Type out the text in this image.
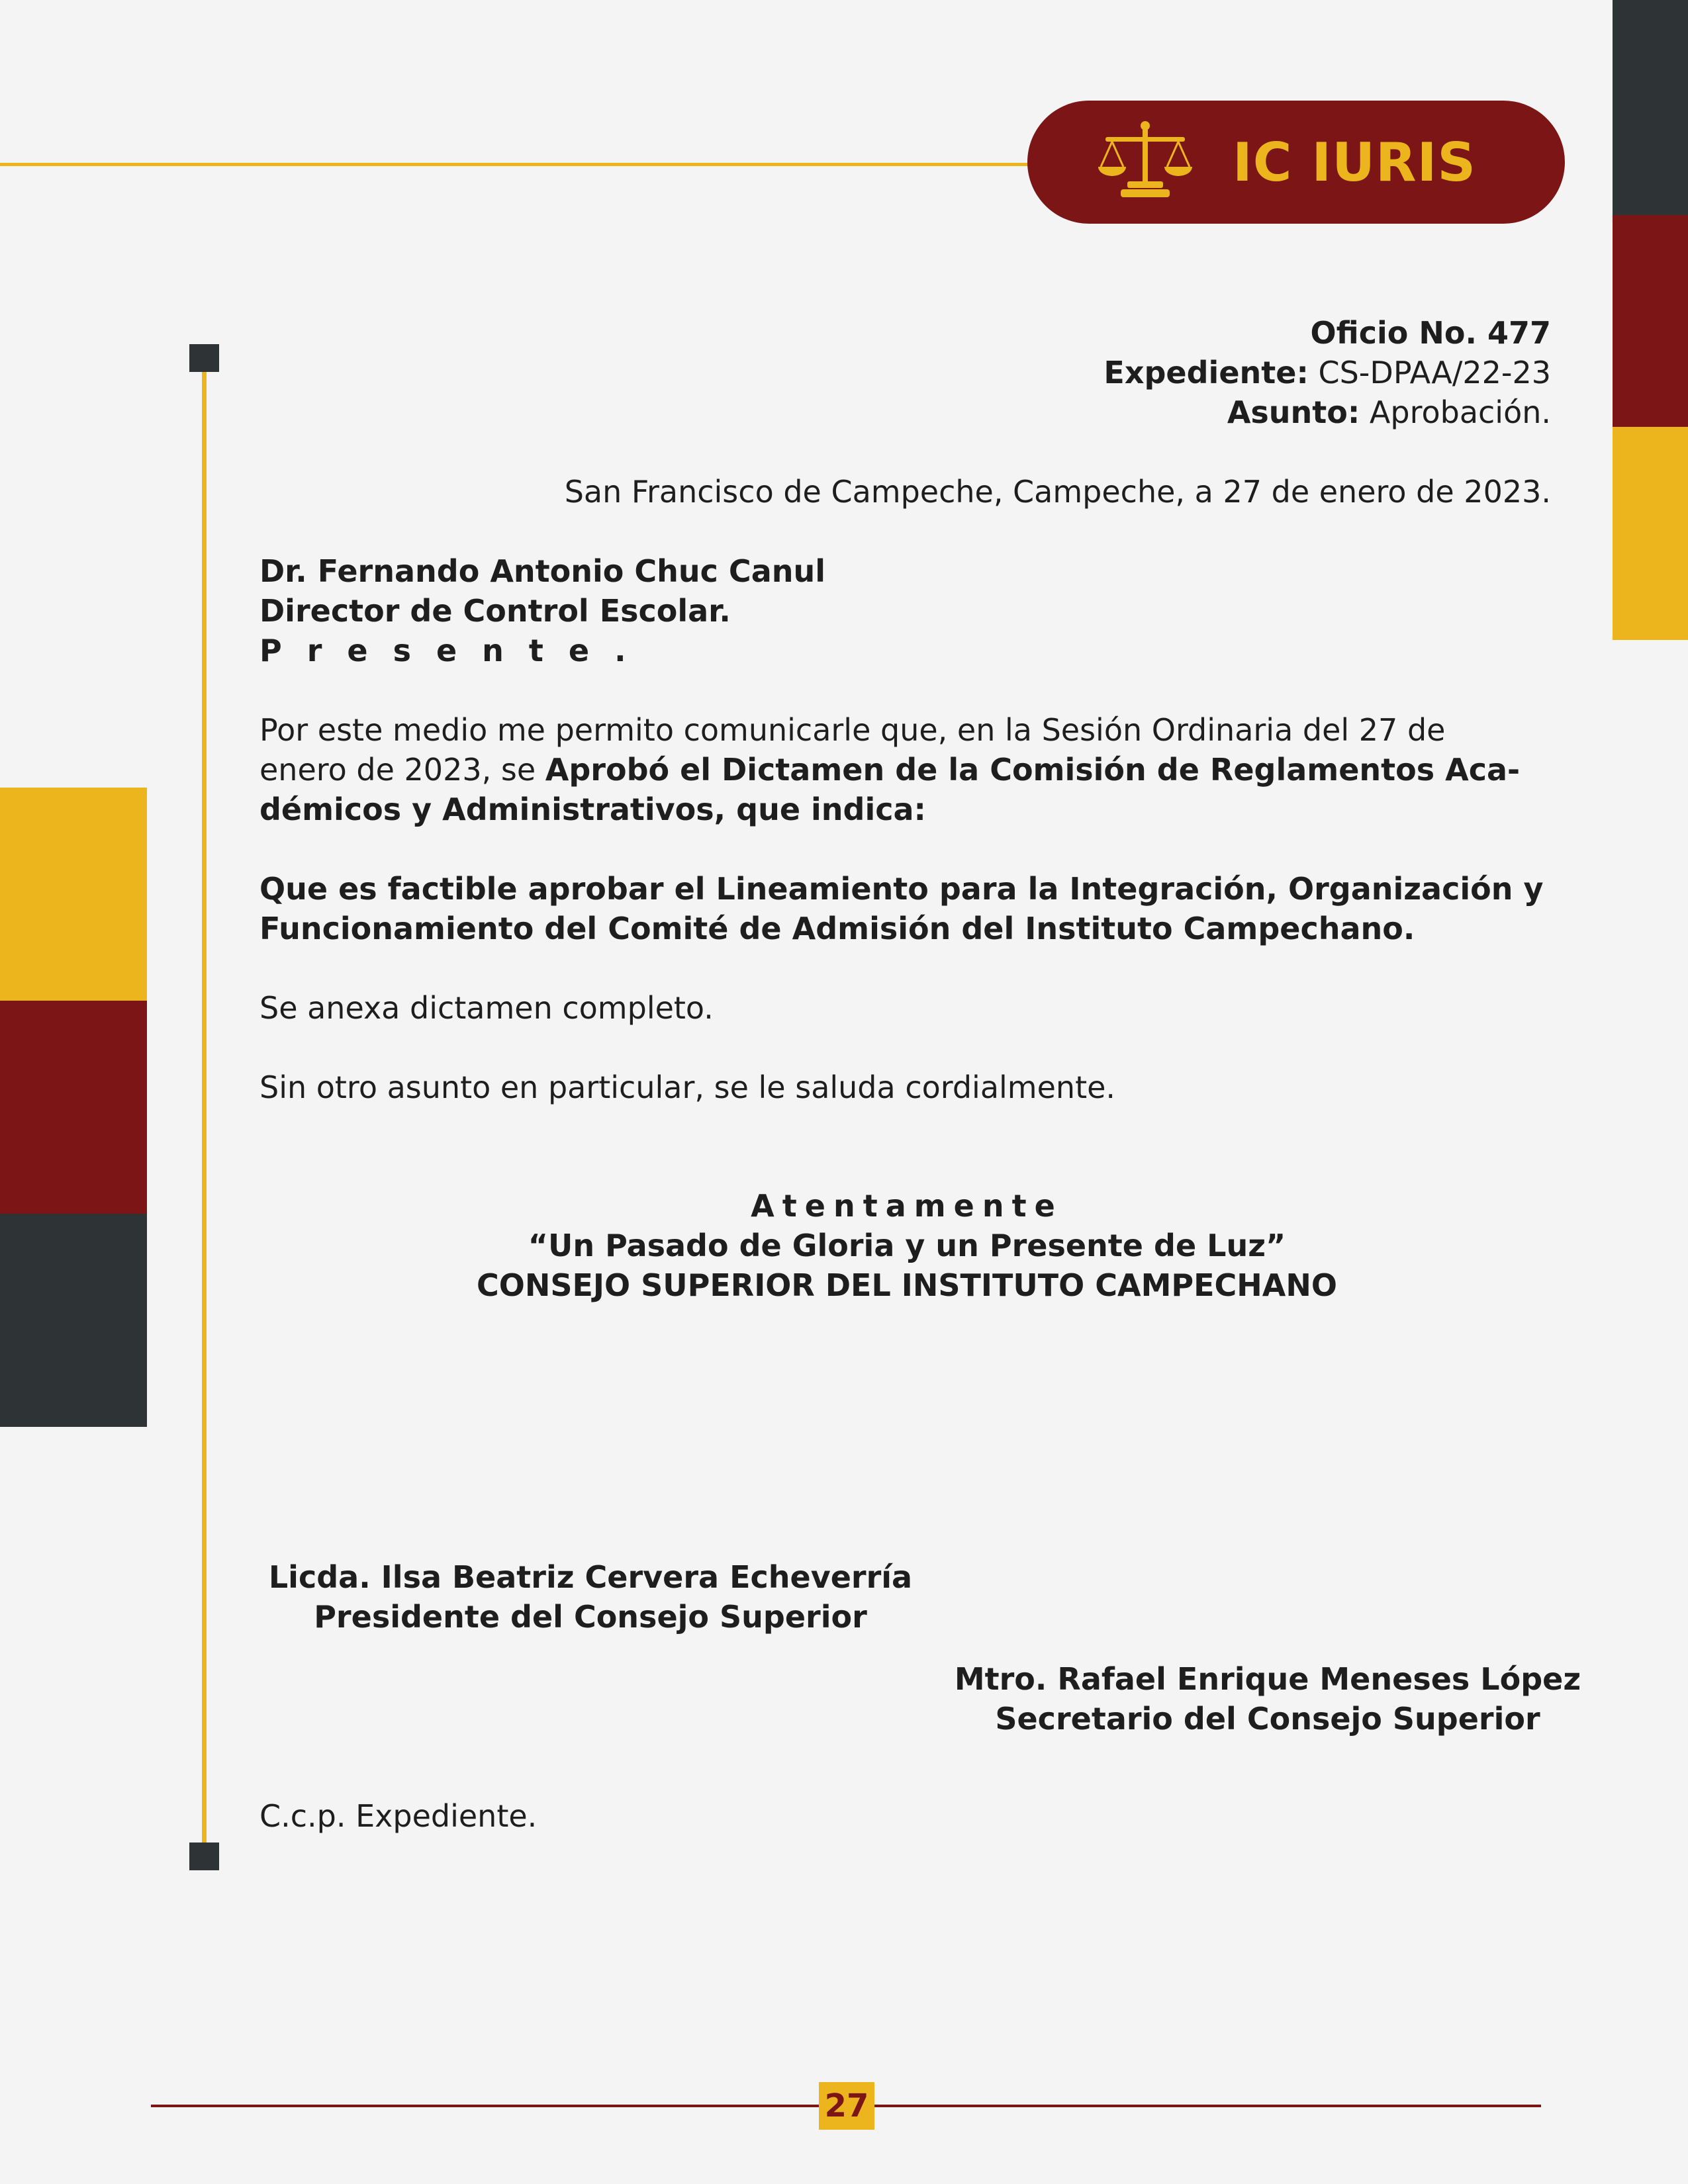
IC IURIS
Oficio No. 477
Expediente: CS-DPAA/22-23
Asunto: Aprobación.
San Francisco de Campeche, Campeche, a 27 de enero de 2023.
Dr. Fernando Antonio Chuc Canul
Director de Control Escolar.
Presente.
Por este medio me permito comunicarle que, en la Sesión Ordinaria del 27 de
enero de 2023, se Aprobó el Dictamen de la Comisión de Reglamentos Aca-
démicos y Administrativos, que indica:
Que es factible aprobar el Lineamiento para la Integración, Organización y
Funcionamiento del Comité de Admisión del Instituto Campechano.
Se anexa dictamen completo.
Sin otro asunto en particular, se le saluda cordialmente.
Atentamente
“Un Pasado de Gloria y un Presente de Luz”
CONSEJO SUPERIOR DEL INSTITUTO CAMPECHANO
Licda. Ilsa Beatriz Cervera Echeverría
Presidente del Consejo Superior
Mtro. Rafael Enrique Meneses López
Secretario del Consejo Superior
C.c.p. Expediente.
27
